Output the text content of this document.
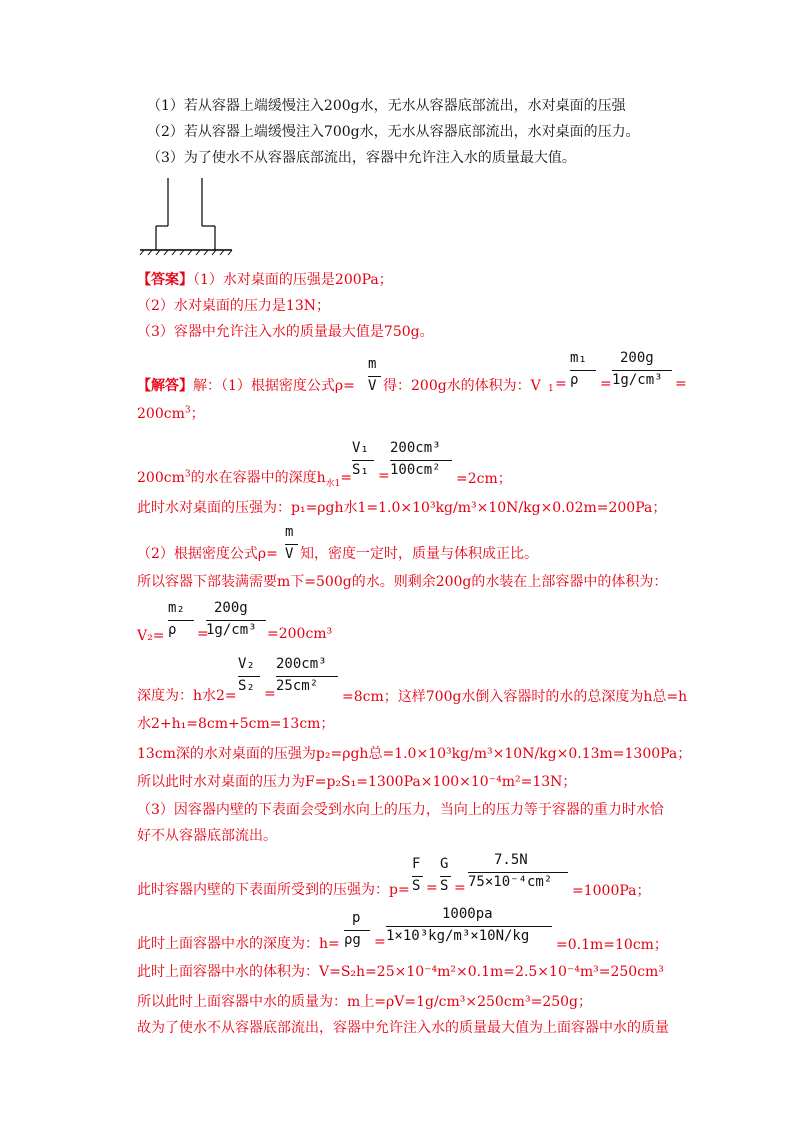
（1）若从容器上端缓慢注入200g水，无水从容器底部流出，水对桌面的压强
（2）若从容器上端缓慢注入700g水，无水从容器底部流出，水对桌面的压力。
（3）为了使水不从容器底部流出，容器中允许注入水的质量最大值。
【答案】（1）水对桌面的压强是200Pa；
（2）水对桌面的压力是13N；
（3）容器中允许注入水的质量最大值是750g。
【解答】解：（1）根据密度公式ρ=
m
V 得：200g水的体积为：V 1 =
m₁
ρ =
200g
1g/cm³ =
$200cm^3$；
$200cm^3$的水在容器中的深度$h_{水1}=$
V₁
S₁ =
200cm³
100cm²
=2cm；
此时水对桌面的压强为：p₁=ρgh水1=1.0×10³kg/m³×10N/kg×0.02m=200Pa；
（2）根据密度公式ρ=
m
V 知，密度一定时，质量与体积成正比。
所以容器下部装满需要m下=500g的水。则剩余200g的水装在上部容器中的体积为：
V₂=
m₂
ρ =
200g
1g/cm³ =200cm³
深度为：h水2=
V₂
S₂ =
200cm³
25cm²
=8cm；这样700g水倒入容器时的水的总深度为h总=h
水2+h₁=8cm+5cm=13cm；
13cm深的水对桌面的压强为p₂=ρgh总=1.0×10³kg/m³×10N/kg×0.13m=1300Pa；
所以此时水对桌面的压力为F=p₂S₁=1300Pa×100×10⁻⁴m²=13N；
（3）因容器内壁的下表面会受到水向上的压力，当向上的压力等于容器的重力时水恰
好不从容器底部流出。
此时容器内壁的下表面所受到的压强为：p=
F
S =
G
S =
7.5N
75×10⁻⁴cm²
=1000Pa；
此时上面容器中水的深度为：h=
p
ρg =
1000pa
1×10³kg/m³×10N/kg
=0.1m=10cm；
此时上面容器中水的体积为：V=S₂h=25×10⁻⁴m²×0.1m=2.5×10⁻⁴m³=250cm³
所以此时上面容器中水的质量为：m上=ρV=1g/cm³×250cm³=250g；
故为了使水不从容器底部流出，容器中允许注入水的质量最大值为上面容器中水的质量
